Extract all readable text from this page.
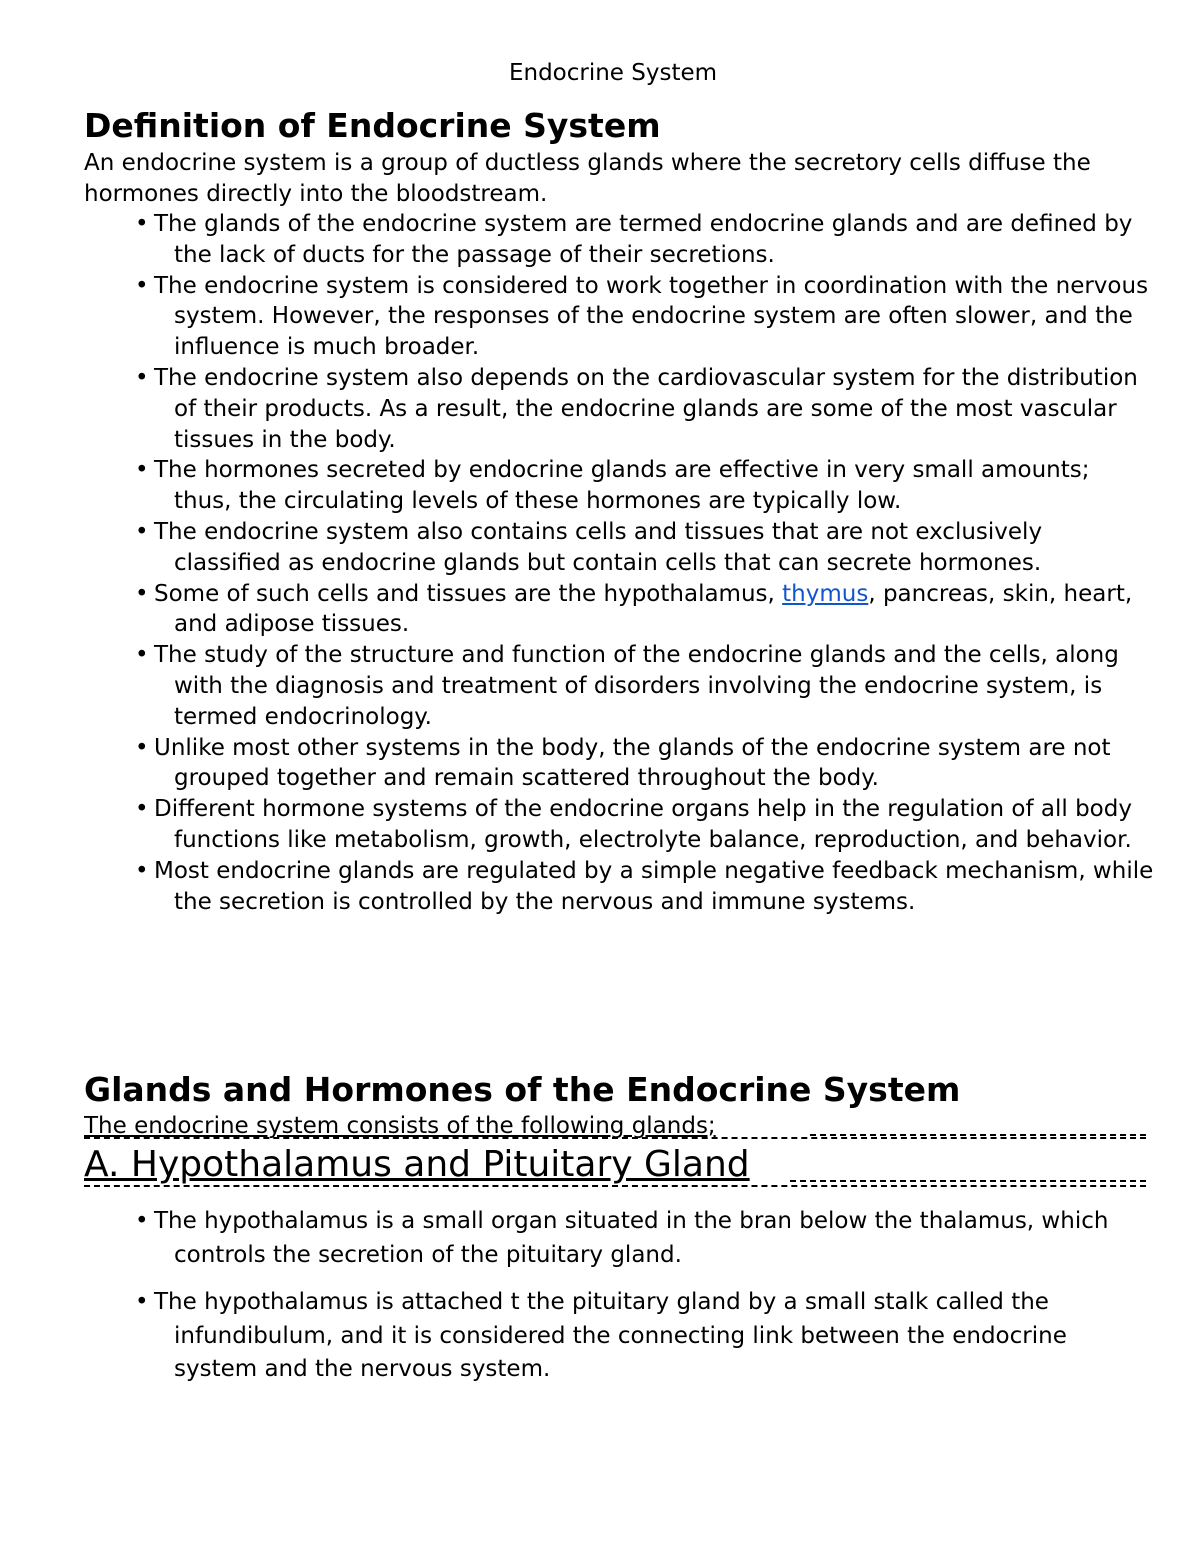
Endocrine System
Definition of Endocrine System
An endocrine system is a group of ductless glands where the secretory cells diffuse the hormones directly into the bloodstream.
• The glands of the endocrine system are termed endocrine glands and are defined by the lack of ducts for the passage of their secretions.
• The endocrine system is considered to work together in coordination with the nervous system. However, the responses of the endocrine system are often slower, and the influence is much broader.
• The endocrine system also depends on the cardiovascular system for the distribution of their products. As a result, the endocrine glands are some of the most vascular tissues in the body.
• The hormones secreted by endocrine glands are effective in very small amounts; thus, the circulating levels of these hormones are typically low.
• The endocrine system also contains cells and tissues that are not exclusively classified as endocrine glands but contain cells that can secrete hormones.
• Some of such cells and tissues are the hypothalamus, thymus, pancreas, skin, heart, and adipose tissues.
• The study of the structure and function of the endocrine glands and the cells, along with the diagnosis and treatment of disorders involving the endocrine system, is termed endocrinology.
• Unlike most other systems in the body, the glands of the endocrine system are not grouped together and remain scattered throughout the body.
• Different hormone systems of the endocrine organs help in the regulation of all body functions like metabolism, growth, electrolyte balance, reproduction, and behavior.
• Most endocrine glands are regulated by a simple negative feedback mechanism, while the secretion is controlled by the nervous and immune systems.
Glands and Hormones of the Endocrine System
The endocrine system consists of the following glands;
A. Hypothalamus and Pituitary Gland
• The hypothalamus is a small organ situated in the bran below the thalamus, which controls the secretion of the pituitary gland.
• The hypothalamus is attached t the pituitary gland by a small stalk called the infundibulum, and it is considered the connecting link between the endocrine system and the nervous system.
